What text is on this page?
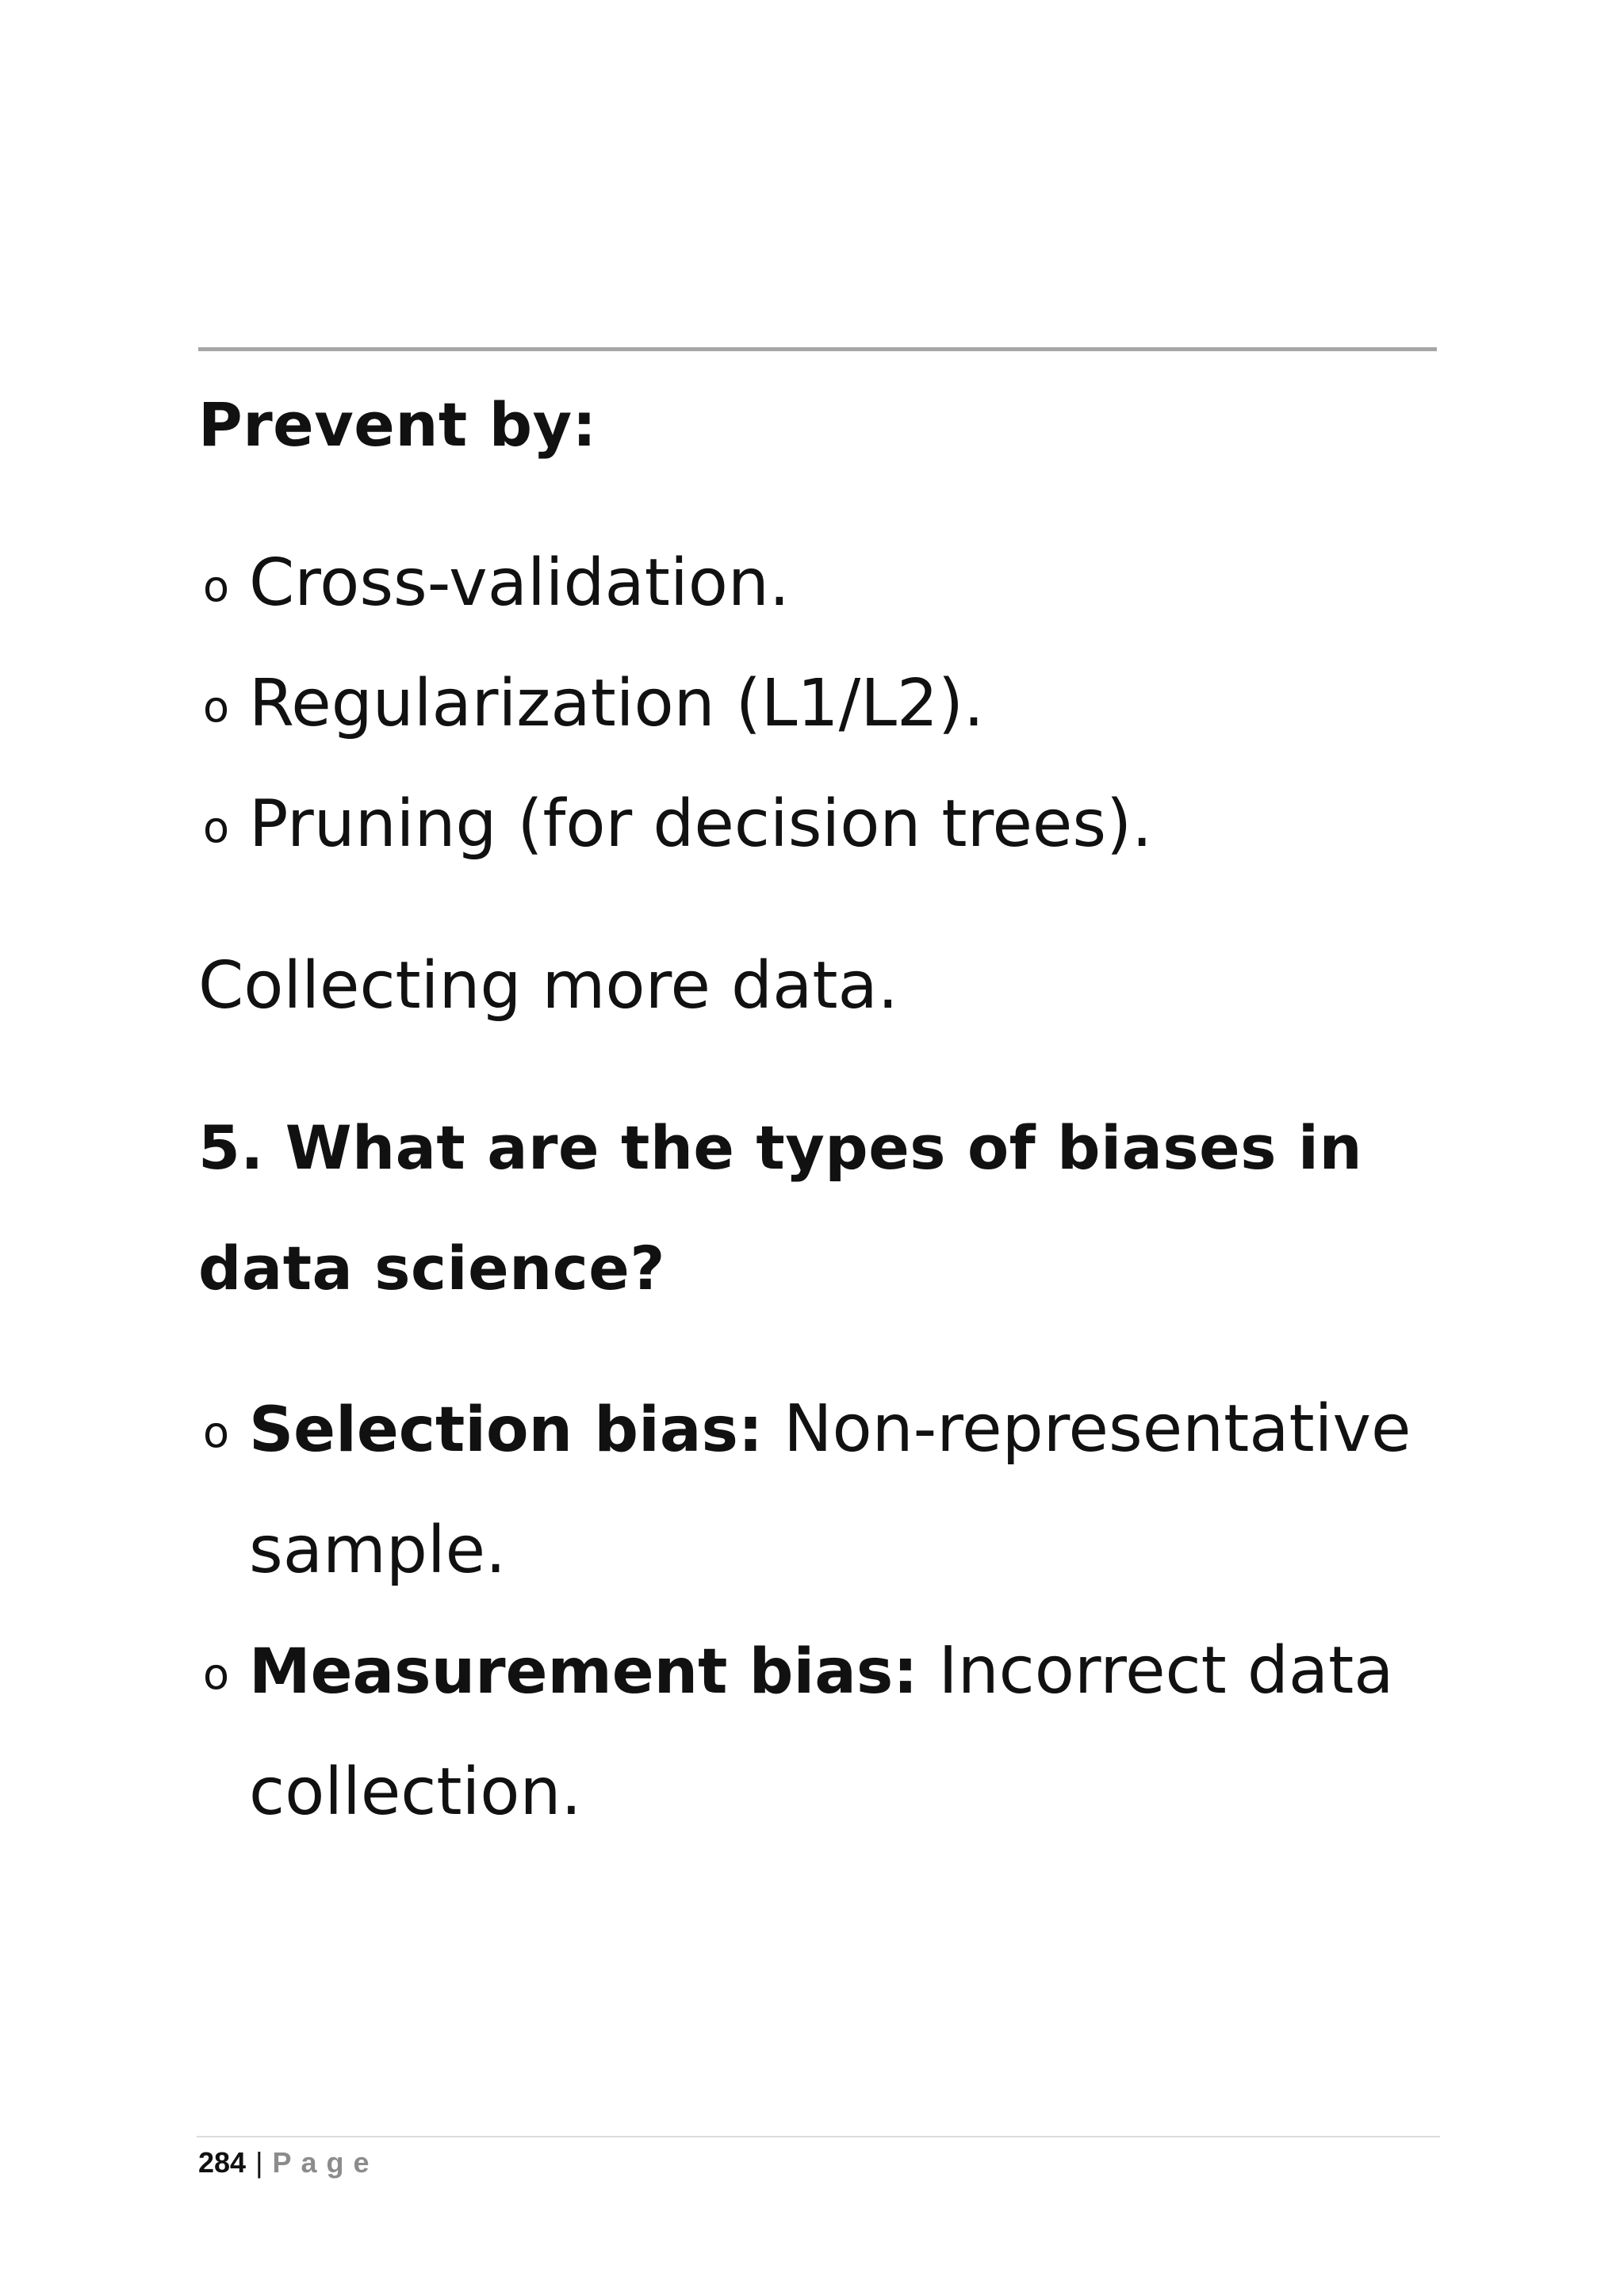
Prevent by:
o Cross-validation.
o Regularization (L1/L2).
o Pruning (for decision trees).

Collecting more data.

5. What are the types of biases in data science?
o Selection bias: Non-representative sample.
o Measurement bias: Incorrect data collection.
284 | Page
